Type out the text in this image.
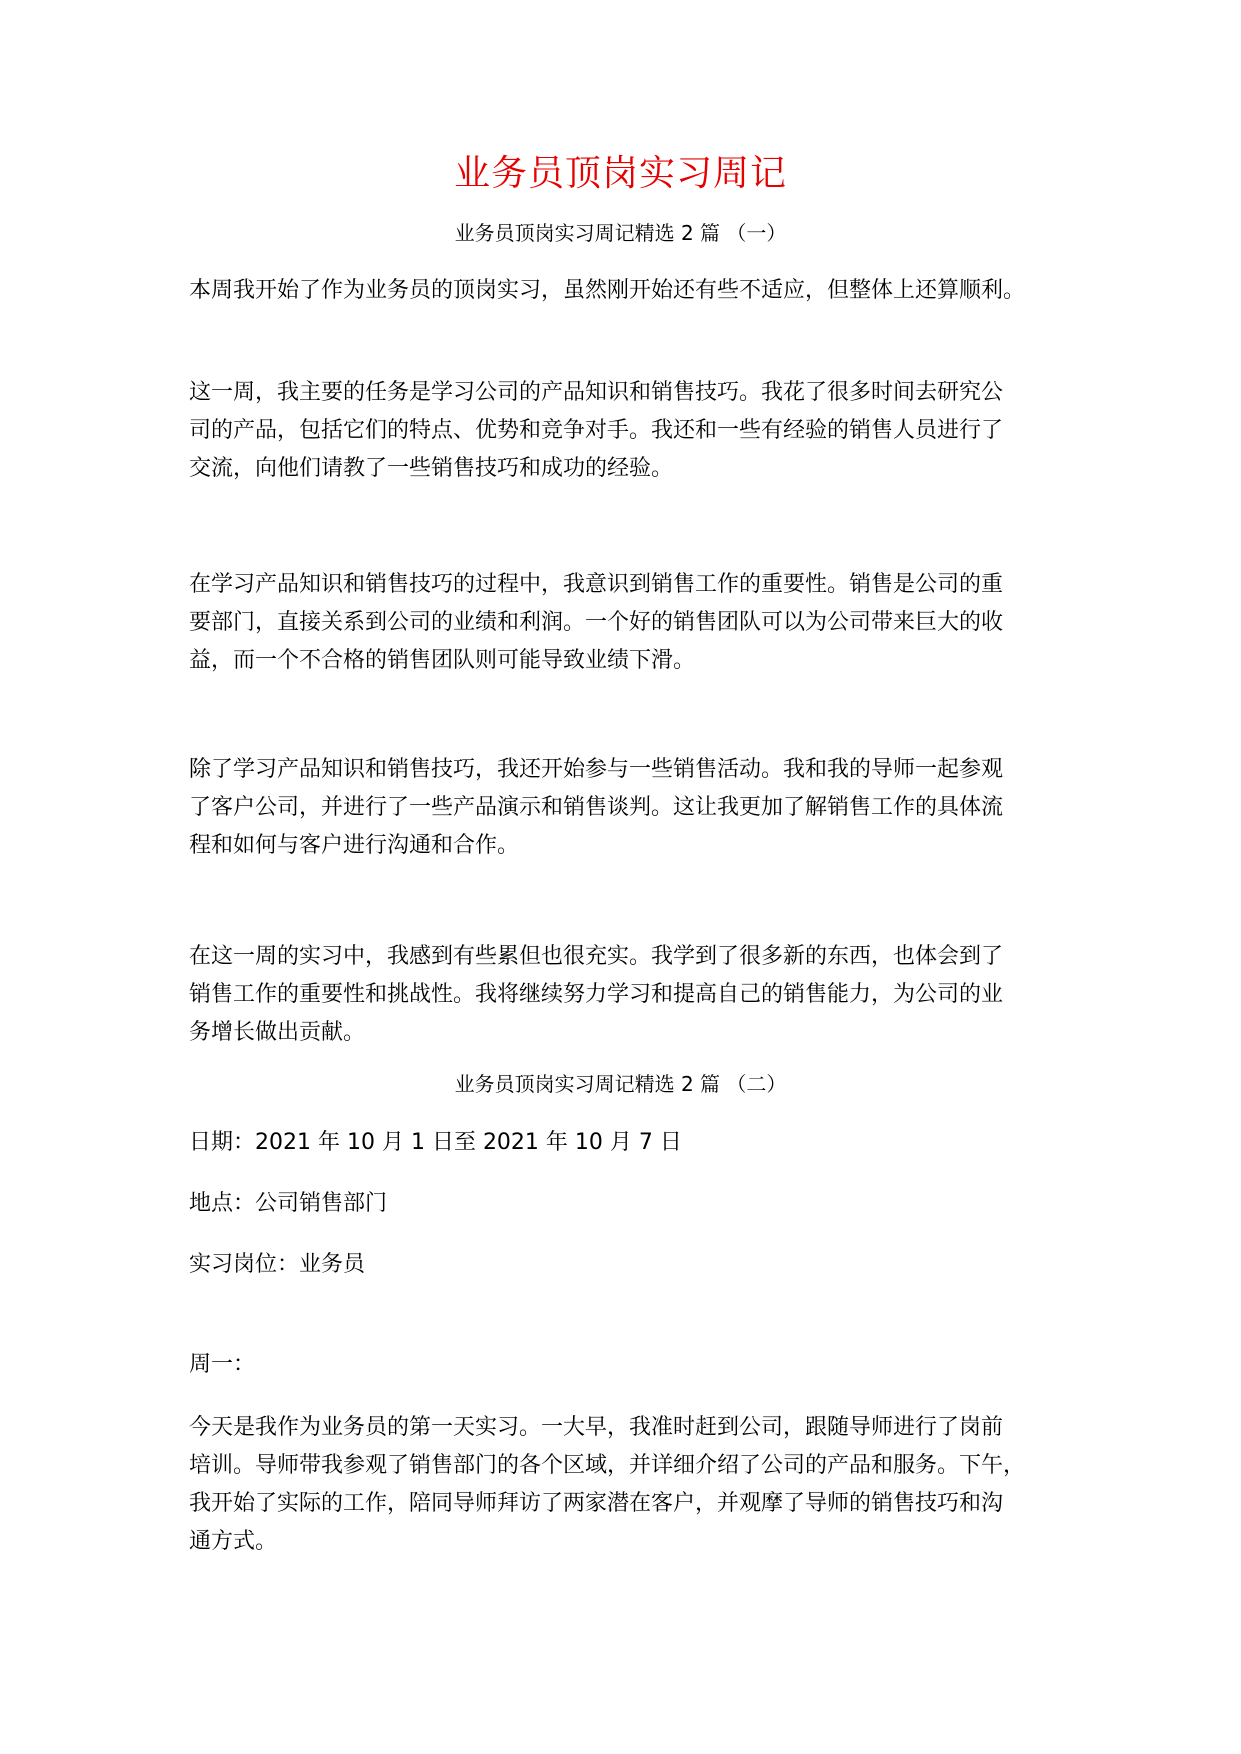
业务员顶岗实习周记
业务员顶岗实习周记精选 2 篇 （一）
本周我开始了作为业务员的顶岗实习，虽然刚开始还有些不适应，但整体上还算顺利。
这一周，我主要的任务是学习公司的产品知识和销售技巧。我花了很多时间去研究公
司的产品，包括它们的特点、优势和竞争对手。我还和一些有经验的销售人员进行了
交流，向他们请教了一些销售技巧和成功的经验。
在学习产品知识和销售技巧的过程中，我意识到销售工作的重要性。销售是公司的重
要部门，直接关系到公司的业绩和利润。一个好的销售团队可以为公司带来巨大的收
益，而一个不合格的销售团队则可能导致业绩下滑。
除了学习产品知识和销售技巧，我还开始参与一些销售活动。我和我的导师一起参观
了客户公司，并进行了一些产品演示和销售谈判。这让我更加了解销售工作的具体流
程和如何与客户进行沟通和合作。
在这一周的实习中，我感到有些累但也很充实。我学到了很多新的东西，也体会到了
销售工作的重要性和挑战性。我将继续努力学习和提高自己的销售能力，为公司的业
务增长做出贡献。
业务员顶岗实习周记精选 2 篇 （二）
日期：2021 年 10 月 1 日至 2021 年 10 月 7 日
地点：公司销售部门
实习岗位：业务员
周一：
今天是我作为业务员的第一天实习。一大早，我准时赶到公司，跟随导师进行了岗前
培训。导师带我参观了销售部门的各个区域，并详细介绍了公司的产品和服务。下午，
我开始了实际的工作，陪同导师拜访了两家潜在客户，并观摩了导师的销售技巧和沟
通方式。
